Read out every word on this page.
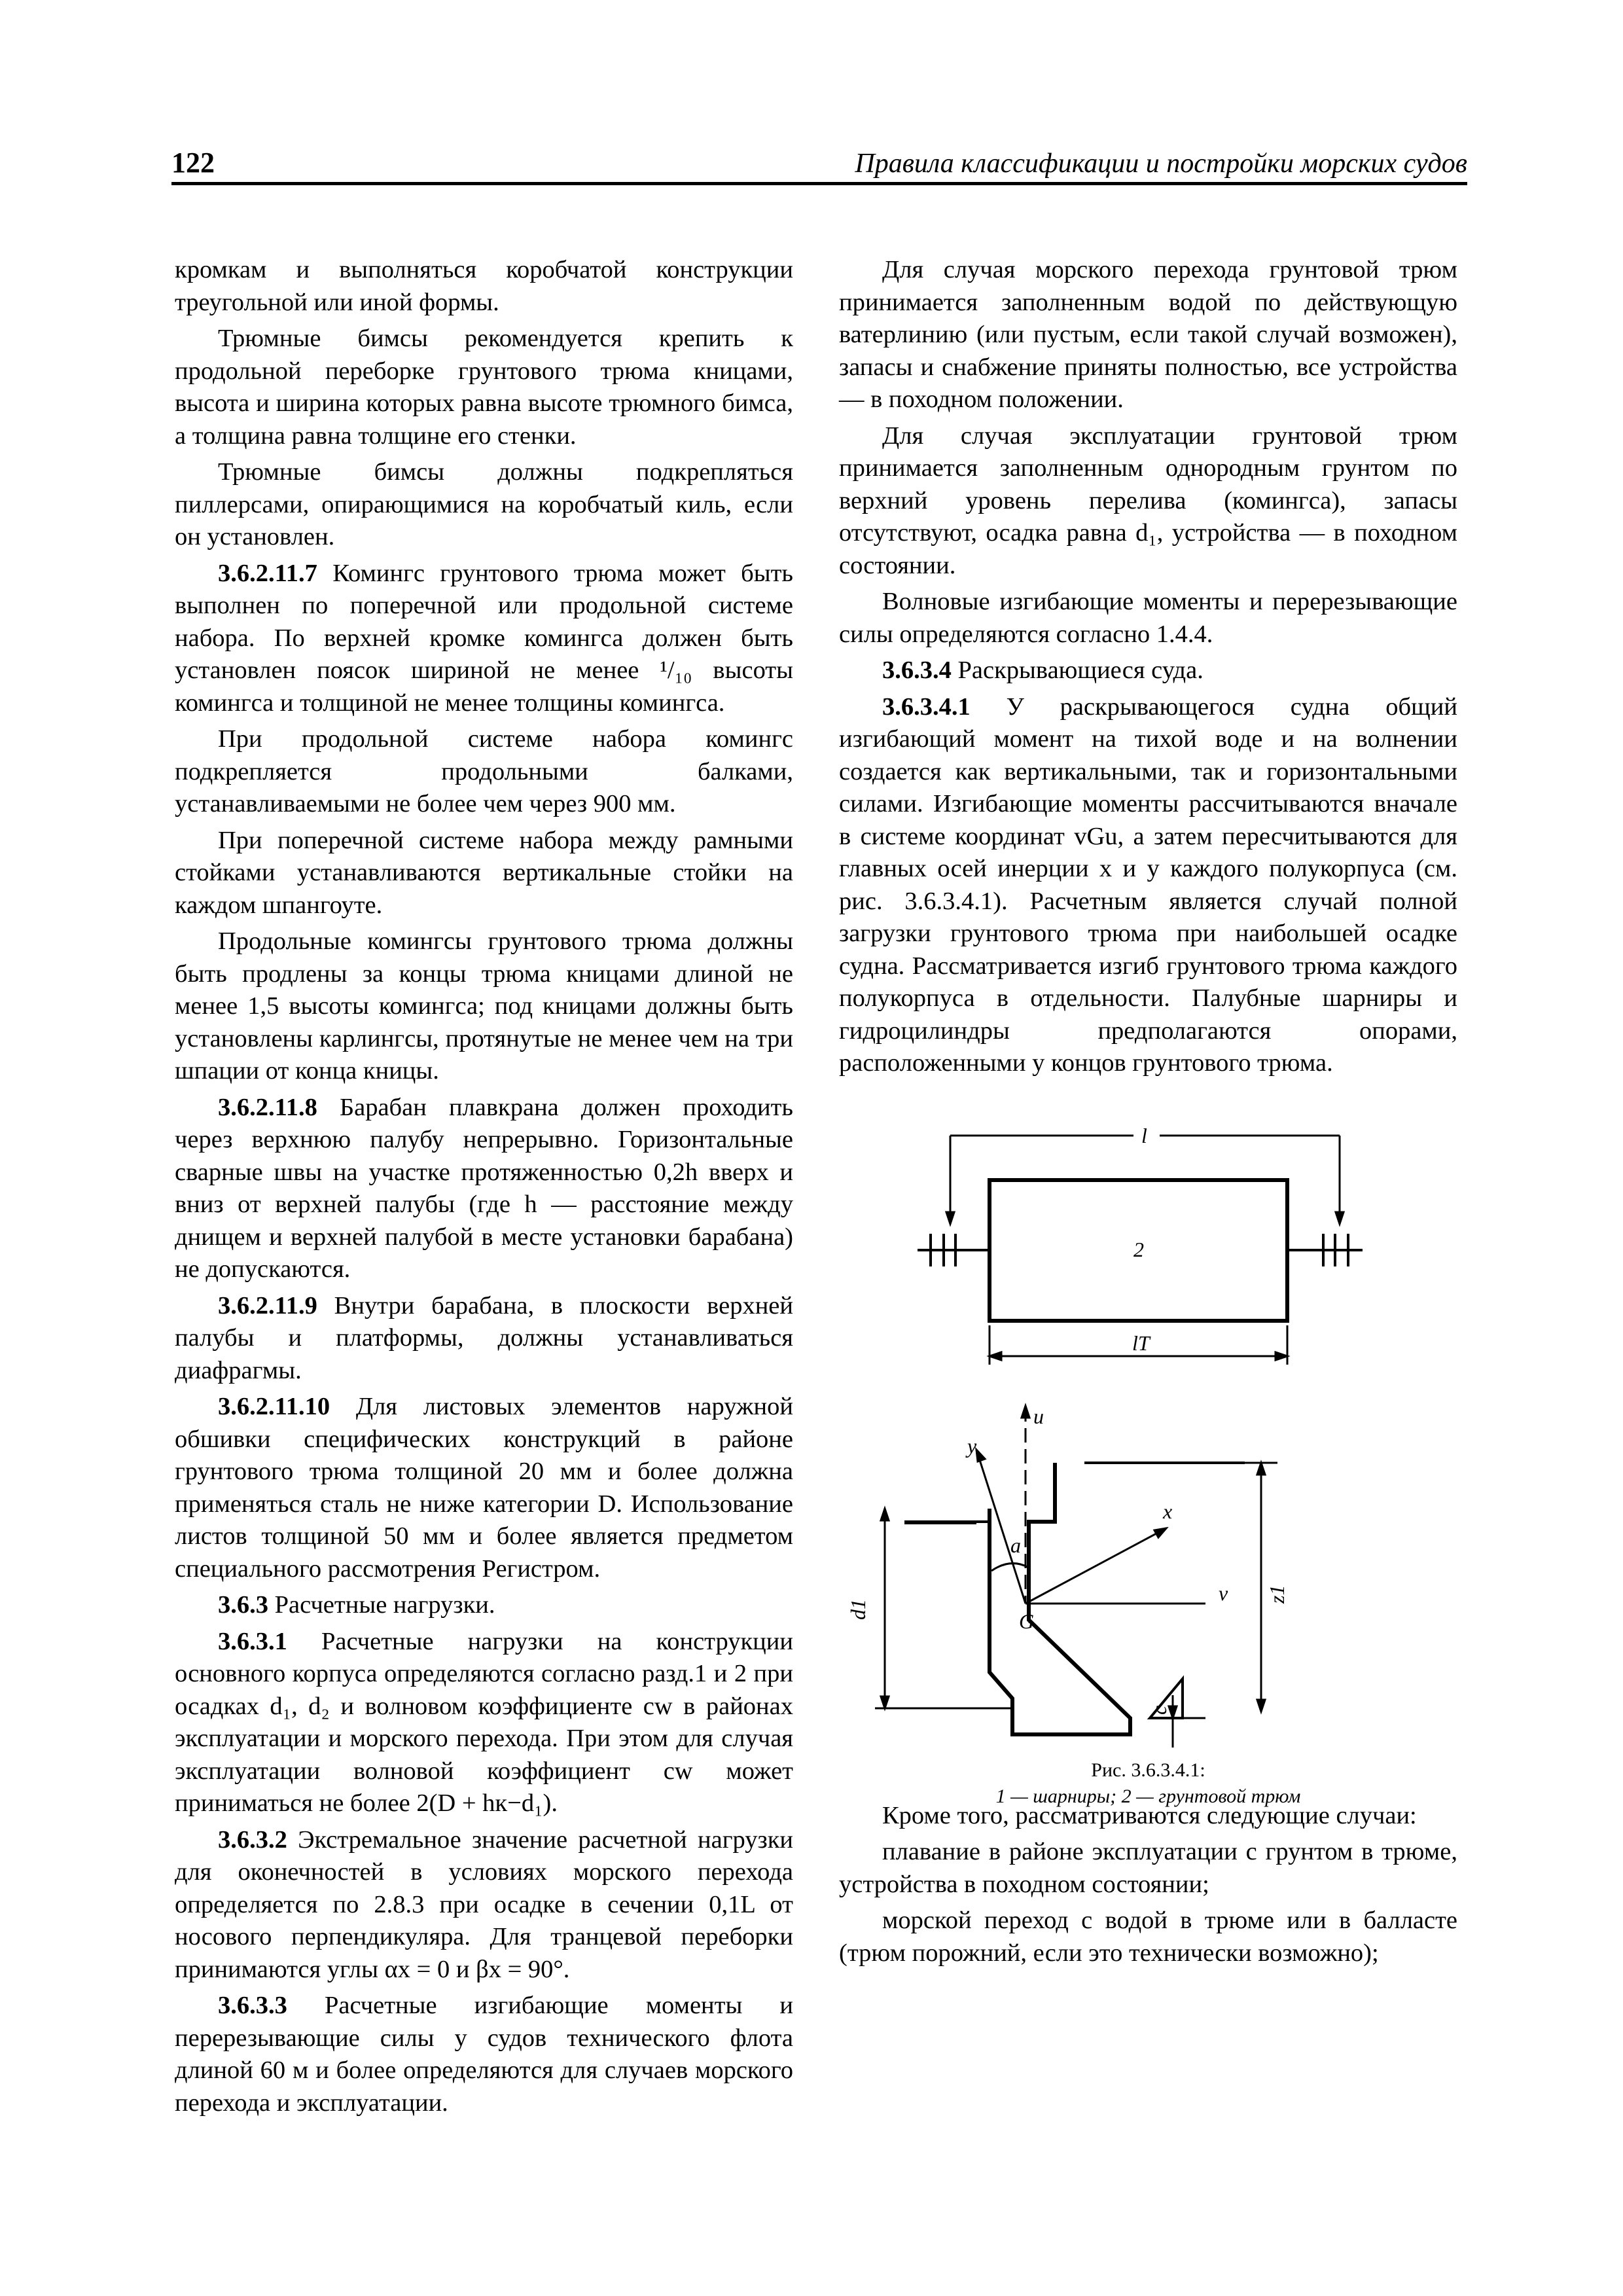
122	Правила классификации и постройки морских судов

кромкам и выполняться коробчатой конструкции треугольной или иной формы.

Трюмные бимсы рекомендуется крепить к продольной переборке грунтового трюма кницами, высота и ширина которых равна высоте трюмного бимса, а толщина равна толщине его стенки.

Трюмные бимсы должны подкрепляться пиллерсами, опирающимися на коробчатый киль, если он установлен.

3.6.2.11.7 Комингс грунтового трюма может быть выполнен по поперечной или продольной системе набора. По верхней кромке комингса должен быть установлен поясок шириной не менее ¹/₁₀ высоты комингса и толщиной не менее толщины комингса.

При продольной системе набора комингс подкрепляется продольными балками, устанавливаемыми не более чем через 900 мм.

При поперечной системе набора между рамными стойками устанавливаются вертикальные стойки на каждом шпангоуте.

Продольные комингсы грунтового трюма должны быть продлены за концы трюма кницами длиной не менее 1,5 высоты комингса; под кницами должны быть установлены карлингсы, протянутые не менее чем на три шпации от конца кницы.

3.6.2.11.8 Барабан плавкрана должен проходить через верхнюю палубу непрерывно. Горизонтальные сварные швы на участке протяженностью 0,2h вверх и вниз от верхней палубы (где h — расстояние между днищем и верхней палубой в месте установки барабана) не допускаются.

3.6.2.11.9 Внутри барабана, в плоскости верхней палубы и платформы, должны устанавливаться диафрагмы.

3.6.2.11.10 Для листовых элементов наружной обшивки специфических конструкций в районе грунтового трюма толщиной 20 мм и более должна применяться сталь не ниже категории D. Использование листов толщиной 50 мм и более является предметом специального рассмотрения Регистром.

3.6.3 Расчетные нагрузки.

3.6.3.1 Расчетные нагрузки на конструкции основного корпуса определяются согласно разд.1 и 2 при осадках d₁, d₂ и волновом коэффициенте cw в районах эксплуатации и морского перехода. При этом для случая эксплуатации волновой коэффициент cw может приниматься не более 2(D + hк−d₁).

3.6.3.2 Экстремальное значение расчетной нагрузки для оконечностей в условиях морского перехода определяется по 2.8.3 при осадке в сечении 0,1L от носового перпендикуляра. Для транцевой переборки принимаются углы αx = 0 и βx = 90°.

3.6.3.3 Расчетные изгибающие моменты и перерезывающие силы у судов технического флота длиной 60 м и более определяются для случаев морского перехода и эксплуатации.

Для случая морского перехода грунтовой трюм принимается заполненным водой по действующую ватерлинию (или пустым, если такой случай возможен), запасы и снабжение приняты полностью, все устройства — в походном положении.

Для случая эксплуатации грунтовой трюм принимается заполненным однородным грунтом по верхний уровень перелива (комингса), запасы отсутствуют, осадка равна d₁, устройства — в походном состоянии.

Волновые изгибающие моменты и перерезывающие силы определяются согласно 1.4.4.

3.6.3.4 Раскрывающиеся суда.

3.6.3.4.1 У раскрывающегося судна общий изгибающий момент на тихой воде и на волнении создается как вертикальными, так и горизонтальными силами. Изгибающие моменты рассчитываются вначале в системе координат vGu, а затем пересчитываются для главных осей инерции x и y каждого полукорпуса (см. рис. 3.6.3.4.1). Расчетным является случай полной загрузки грунтового трюма при наибольшей осадке судна. Рассматривается изгиб грунтового трюма каждого полукорпуса в отдельности. Палубные шарниры и гидроцилиндры предполагаются опорами, расположенными у концов грунтового трюма.

l
2
lT
u
y
x
a
v
G
d1
z1
c
Рис. 3.6.3.4.1:
1 — шарниры; 2 — грунтовой трюм

Кроме того, рассматриваются следующие случаи:

плавание в районе эксплуатации с грунтом в трюме, устройства в походном состоянии;

морской переход с водой в трюме или в балласте (трюм порожний, если это технически возможно);
